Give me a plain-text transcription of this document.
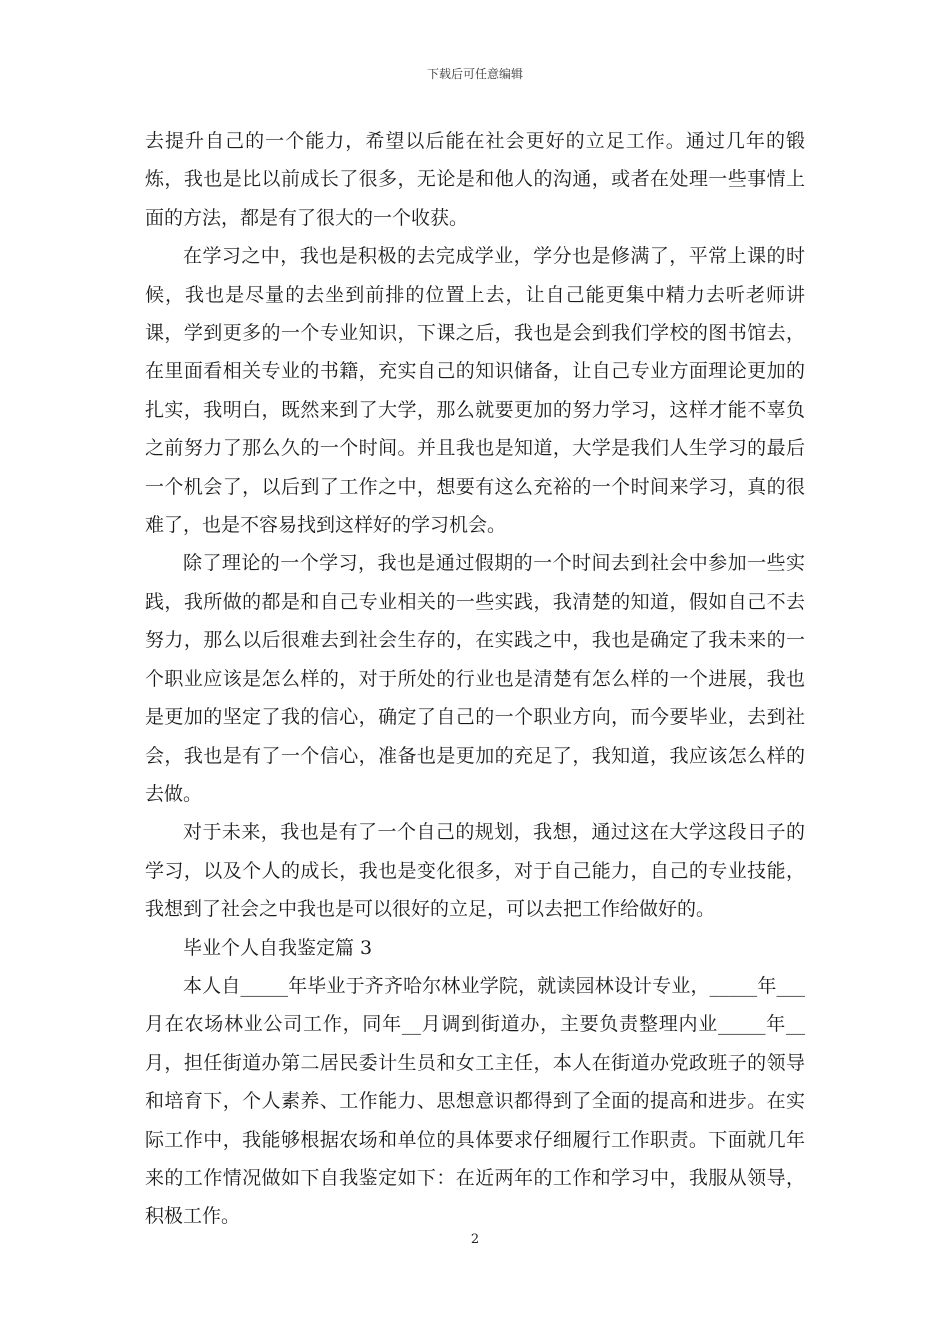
下载后可任意编辑

去提升自己的一个能力，希望以后能在社会更好的立足工作。通过几年的锻炼，我也是比以前成长了很多，无论是和他人的沟通，或者在处理一些事情上面的方法，都是有了很大的一个收获。

在学习之中，我也是积极的去完成学业，学分也是修满了，平常上课的时候，我也是尽量的去坐到前排的位置上去，让自己能更集中精力去听老师讲课，学到更多的一个专业知识，下课之后，我也是会到我们学校的图书馆去，在里面看相关专业的书籍，充实自己的知识储备，让自己专业方面理论更加的扎实，我明白，既然来到了大学，那么就要更加的努力学习，这样才能不辜负之前努力了那么久的一个时间。并且我也是知道，大学是我们人生学习的最后一个机会了，以后到了工作之中，想要有这么充裕的一个时间来学习，真的很难了，也是不容易找到这样好的学习机会。

除了理论的一个学习，我也是通过假期的一个时间去到社会中参加一些实践，我所做的都是和自己专业相关的一些实践，我清楚的知道，假如自己不去努力，那么以后很难去到社会生存的，在实践之中，我也是确定了我未来的一个职业应该是怎么样的，对于所处的行业也是清楚有怎么样的一个进展，我也是更加的坚定了我的信心，确定了自己的一个职业方向，而今要毕业，去到社会，我也是有了一个信心，准备也是更加的充足了，我知道，我应该怎么样的去做。

对于未来，我也是有了一个自己的规划，我想，通过这在大学这段日子的学习，以及个人的成长，我也是变化很多，对于自己能力，自己的专业技能，我想到了社会之中我也是可以很好的立足，可以去把工作给做好的。

毕业个人自我鉴定篇 3

本人自_____年毕业于齐齐哈尔林业学院，就读园林设计专业，_____年___月在农场林业公司工作，同年__月调到街道办，主要负责整理内业_____年__月，担任街道办第二居民委计生员和女工主任，本人在街道办党政班子的领导和培育下，个人素养、工作能力、思想意识都得到了全面的提高和进步。在实际工作中，我能够根据农场和单位的具体要求仔细履行工作职责。下面就几年来的工作情况做如下自我鉴定如下：在近两年的工作和学习中，我服从领导，积极工作。

2
